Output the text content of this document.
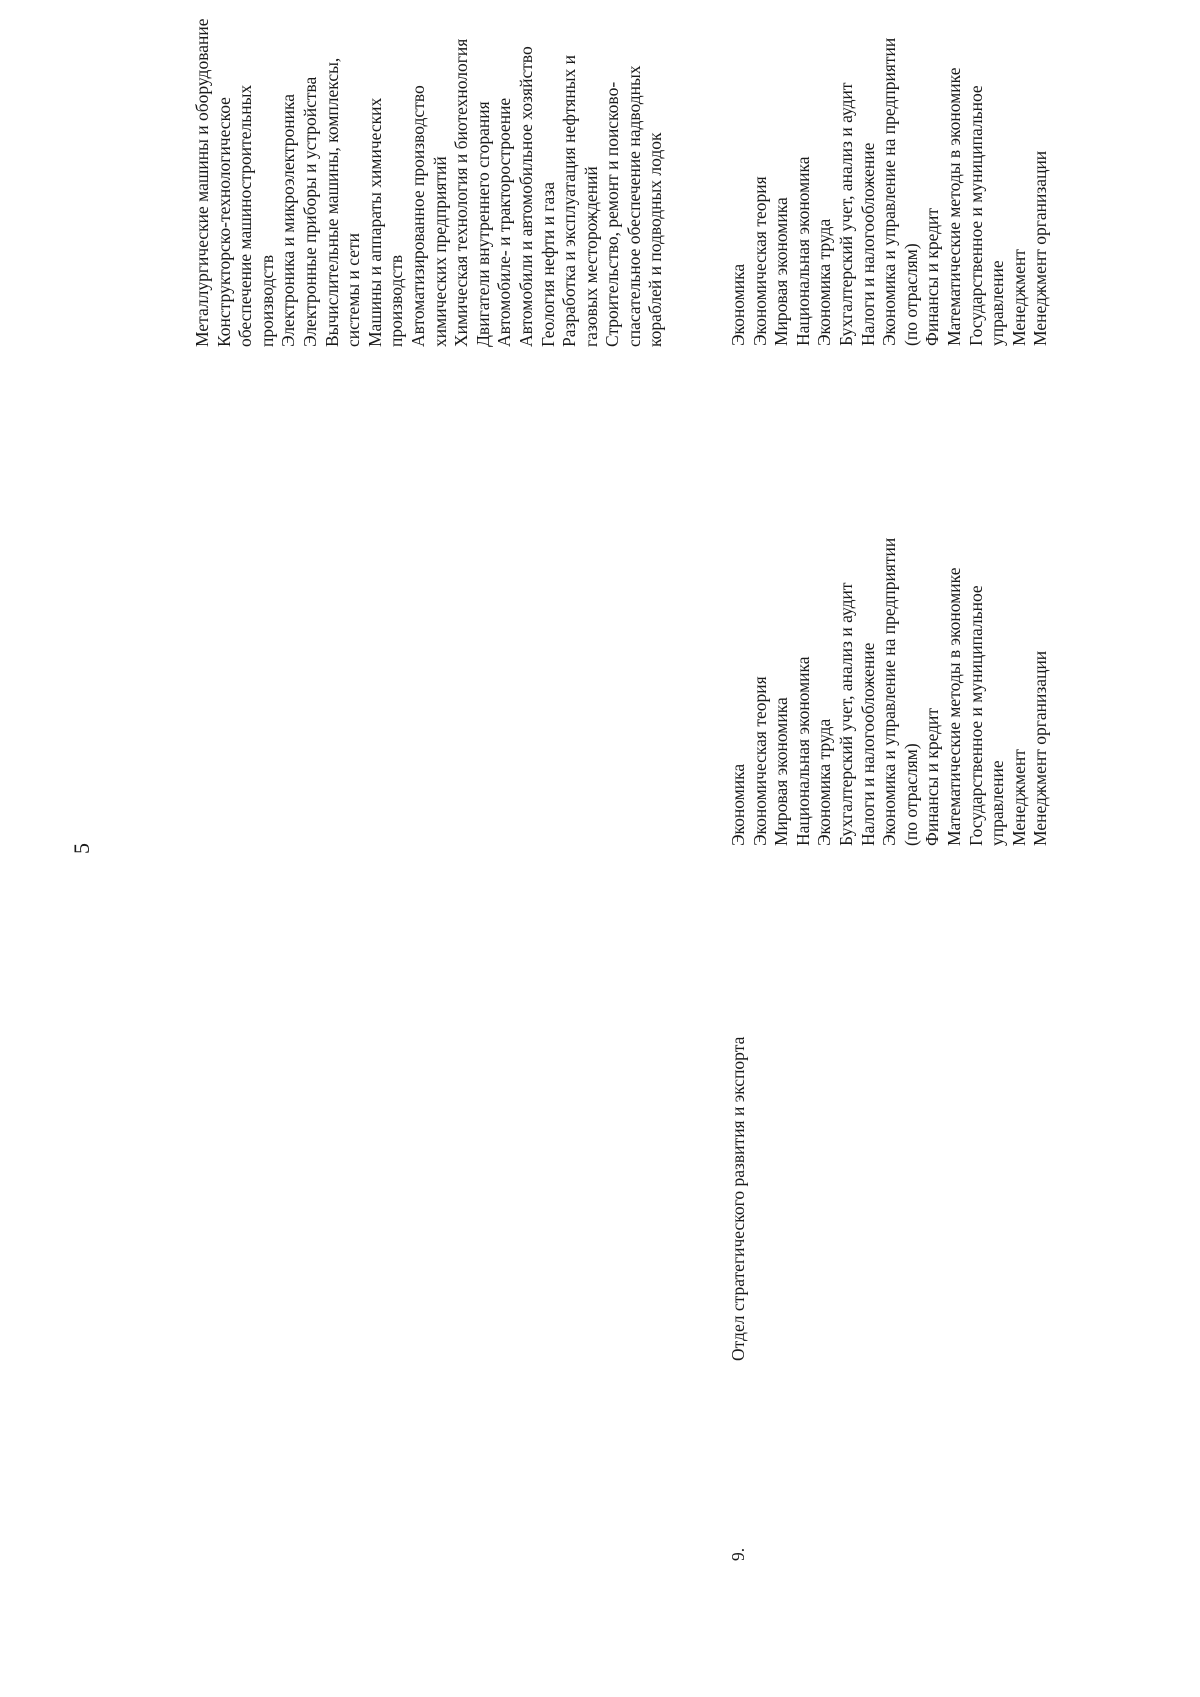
5
Металлургические машины и оборудование Конструкторско-технологическое обеспечение машиностроительных производств Электроника и микроэлектроника Электронные приборы и устройства Вычислительные машины, комплексы, системы и сети Машины и аппараты химических производств Автоматизированное производство химических предприятий Химическая технология и биотехнология Двигатели внутреннего сгорания Автомобиле- и тракторостроение Автомобили и автомобильное хозяйство Геология нефти и газа Разработка и эксплуатация нефтяных и газовых месторождений Строительство, ремонт и поисково- спасательное обеспечение надводных кораблей и подводных лодок
9.
Отдел стратегического развития и экспорта
Экономика Экономическая теория Мировая экономика Национальная экономика Экономика труда Бухгалтерский учет, анализ и аудит Налоги и налогообложение Экономика и управление на предприятии (по отраслям) Финансы и кредит Математические методы в экономике Государственное и муниципальное управление Менеджмент Менеджмент организации
Экономика Экономическая теория Мировая экономика Национальная экономика Экономика труда Бухгалтерский учет, анализ и аудит Налоги и налогообложение Экономика и управление на предприятии (по отраслям) Финансы и кредит Математические методы в экономике Государственное и муниципальное управление Менеджмент Менеджмент организации
